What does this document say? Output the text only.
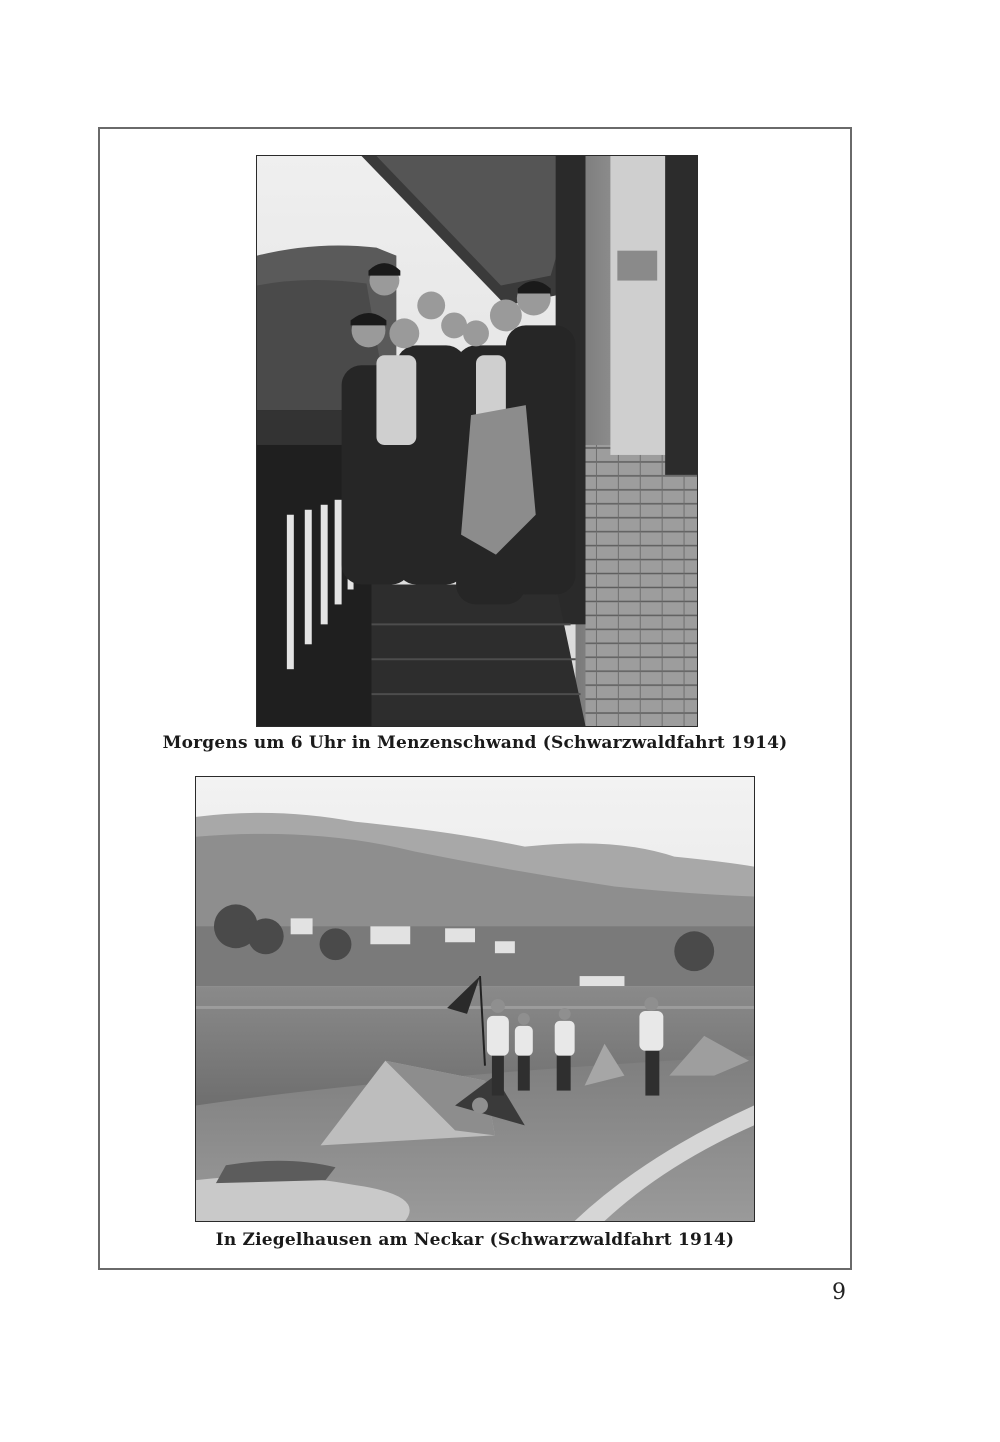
Morgens um 6 Uhr in Menzenschwand (Schwarzwaldfahrt 1914)
In Ziegelhausen am Neckar (Schwarzwaldfahrt 1914)
9
